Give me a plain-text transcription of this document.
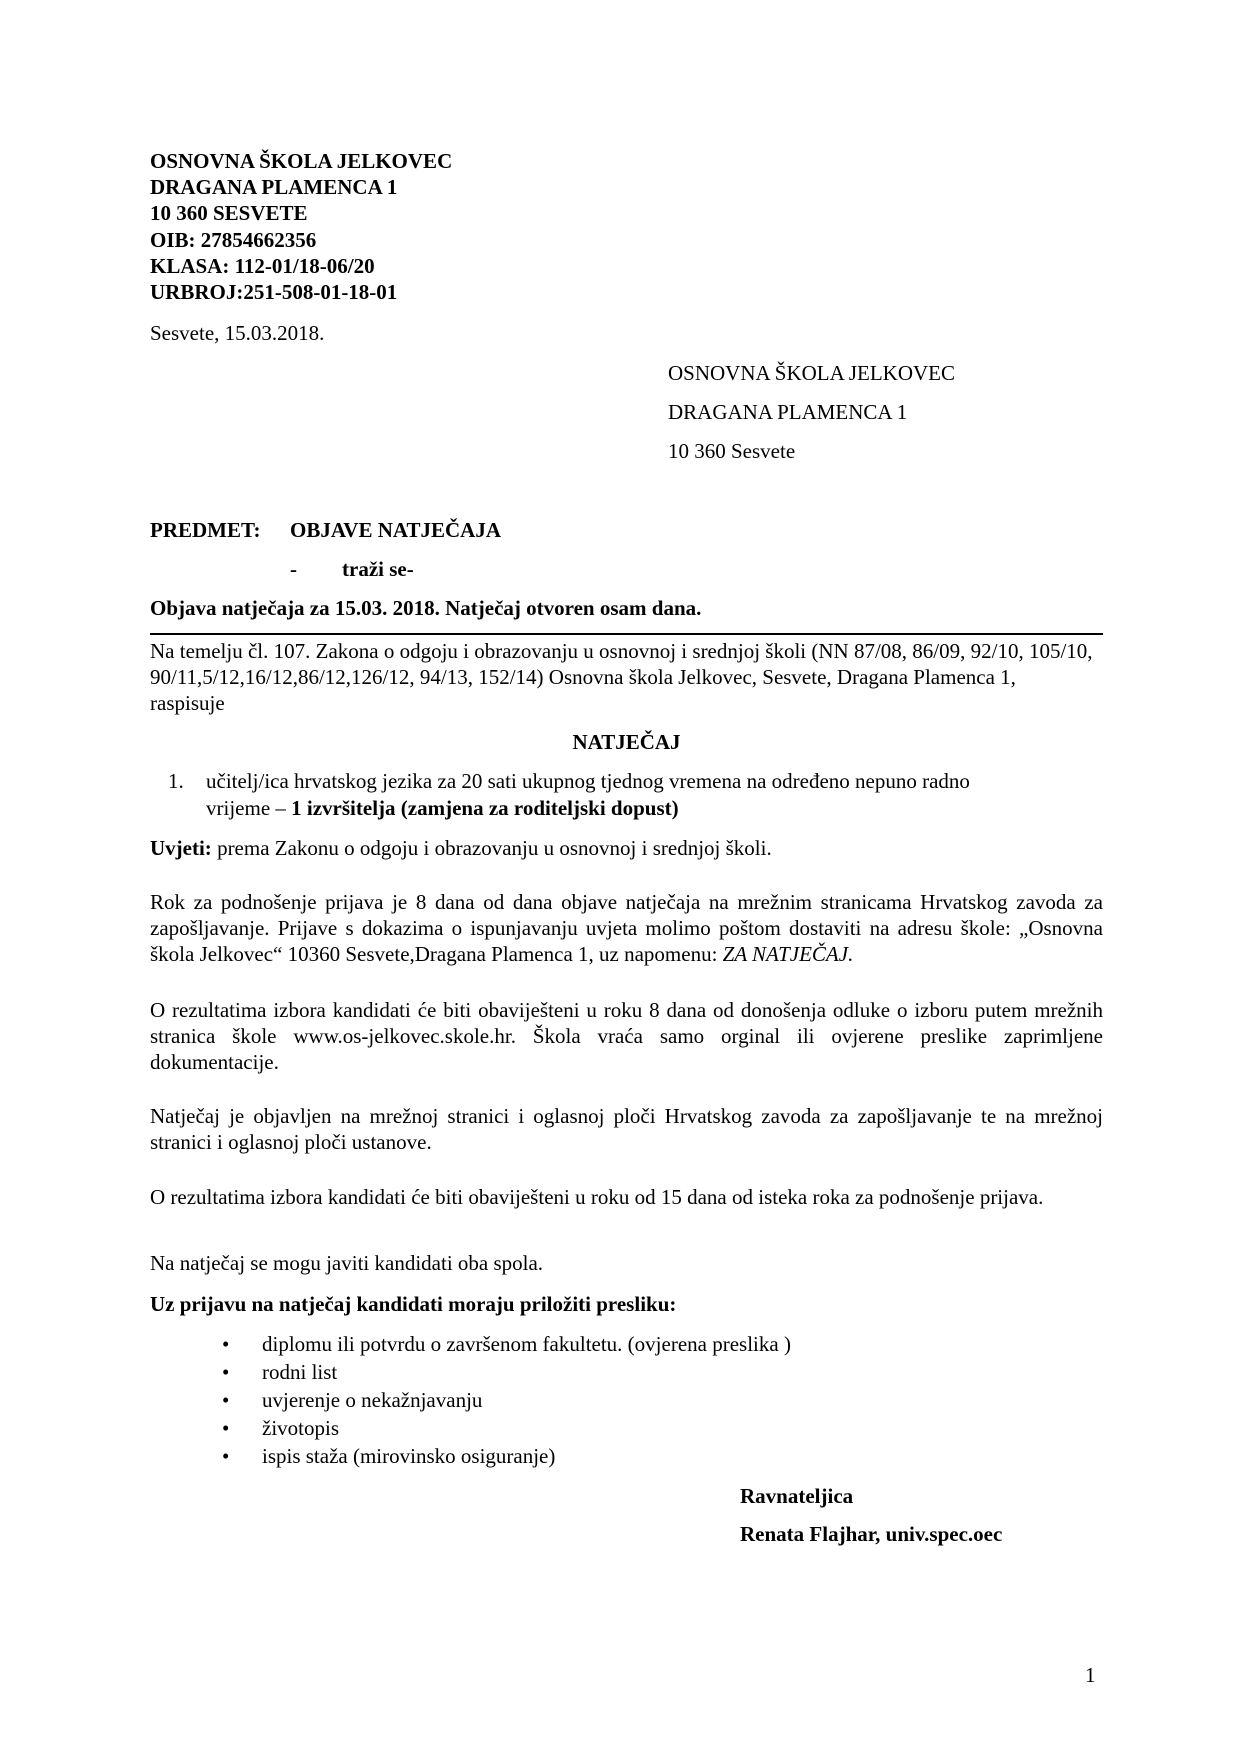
OSNOVNA ŠKOLA JELKOVEC
DRAGANA PLAMENCA 1
10 360 SESVETE
OIB: 27854662356
KLASA: 112-01/18-06/20
URBROJ:251-508-01-18-01
Sesvete, 15.03.2018.
OSNOVNA ŠKOLA JELKOVEC
DRAGANA PLAMENCA 1
10 360 Sesvete
PREDMET: OBJAVE NATJEČAJA
- traži se-
Objava natječaja za 15.03. 2018. Natječaj otvoren osam dana.

Na temelju čl. 107. Zakona o odgoju i obrazovanju u osnovnoj i srednjoj školi (NN 87/08, 86/09, 92/10, 105/10, 90/11,5/12,16/12,86/12,126/12, 94/13, 152/14) Osnovna škola Jelkovec, Sesvete, Dragana Plamenca 1, raspisuje

NATJEČAJ
1. učitelj/ica hrvatskog jezika za 20 sati ukupnog tjednog vremena na određeno nepuno radno
vrijeme – 1 izvršitelja (zamjena za roditeljski dopust)
Uvjeti: prema Zakonu o odgoju i obrazovanju u osnovnoj i srednjoj školi.

Rok za podnošenje prijava je 8 dana od dana objave natječaja na mrežnim stranicama Hrvatskog zavoda za zapošljavanje. Prijave s dokazima o ispunjavanju uvjeta molimo poštom dostaviti na adresu škole: „Osnovna škola Jelkovec“ 10360 Sesvete,Dragana Plamenca 1, uz napomenu: ZA NATJEČAJ.

O rezultatima izbora kandidati će biti obaviješteni u roku 8 dana od donošenja odluke o izboru putem mrežnih stranica škole www.os-jelkovec.skole.hr. Škola vraća samo orginal ili ovjerene preslike zaprimljene dokumentacije.

Natječaj je objavljen na mrežnoj stranici i oglasnoj ploči Hrvatskog zavoda za zapošljavanje te na mrežnoj stranici i oglasnoj ploči ustanove.

O rezultatima izbora kandidati će biti obaviješteni u roku od 15 dana od isteka roka za podnošenje prijava.

Na natječaj se mogu javiti kandidati oba spola.
Uz prijavu na natječaj kandidati moraju priložiti presliku:
• diplomu ili potvrdu o završenom fakultetu. (ovjerena preslika )
• rodni list
• uvjerenje o nekažnjavanju
• životopis
• ispis staža (mirovinsko osiguranje)
Ravnateljica
Renata Flajhar, univ.spec.oec
1
